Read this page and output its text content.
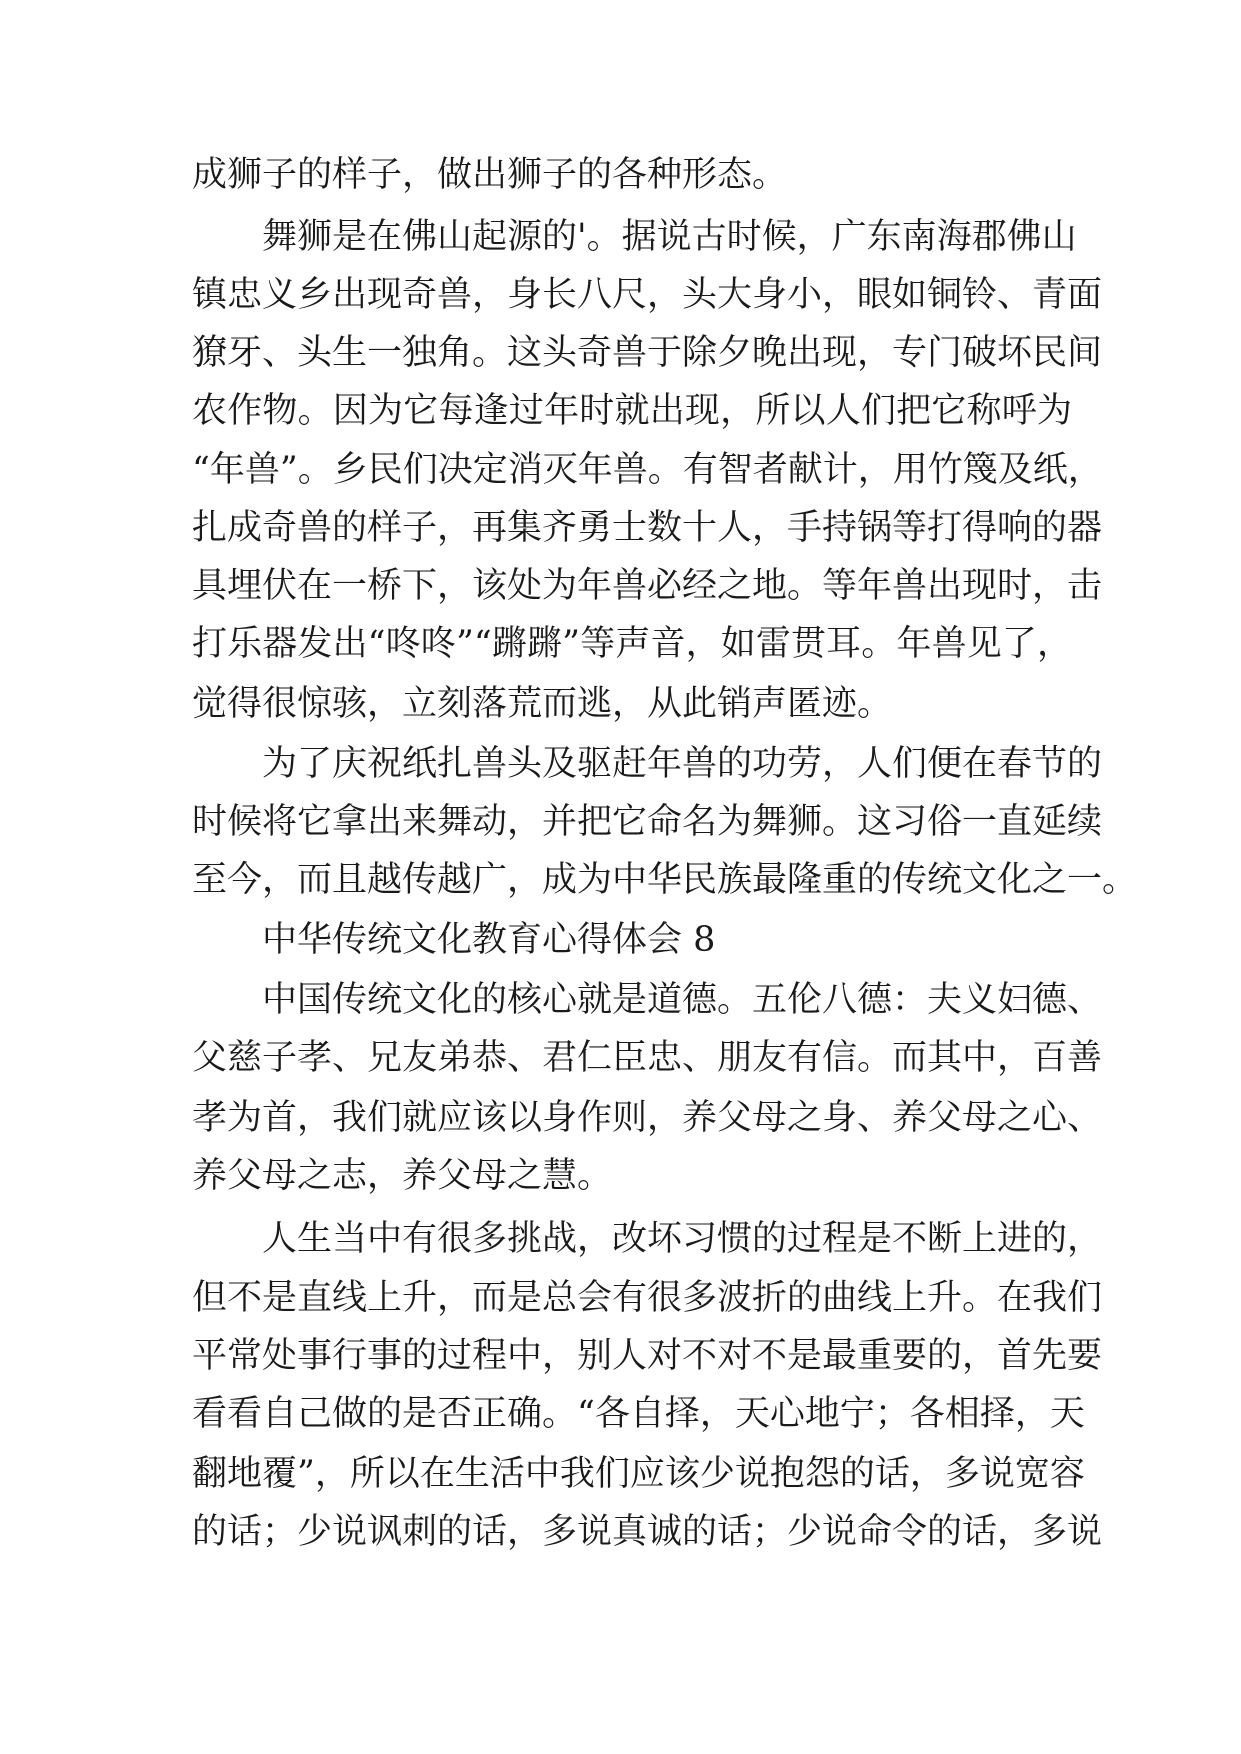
成狮子的样子，做出狮子的各种形态。
舞狮是在佛山起源的'。据说古时候，广东南海郡佛山
镇忠义乡出现奇兽，身长八尺，头大身小，眼如铜铃、青面
獠牙、头生一独角。这头奇兽于除夕晚出现，专门破坏民间
农作物。因为它每逢过年时就出现，所以人们把它称呼为
“年兽”。乡民们决定消灭年兽。有智者献计，用竹篾及纸，
扎成奇兽的样子，再集齐勇士数十人，手持锅等打得响的器
具埋伏在一桥下，该处为年兽必经之地。等年兽出现时，击
打乐器发出“咚咚”“蹡蹡”等声音，如雷贯耳。年兽见了，
觉得很惊骇，立刻落荒而逃，从此销声匿迹。
为了庆祝纸扎兽头及驱赶年兽的功劳，人们便在春节的
时候将它拿出来舞动，并把它命名为舞狮。这习俗一直延续
至今，而且越传越广，成为中华民族最隆重的传统文化之一。
中华传统文化教育心得体会 8
中国传统文化的核心就是道德。五伦八德：夫义妇德、
父慈子孝、兄友弟恭、君仁臣忠、朋友有信。而其中，百善
孝为首，我们就应该以身作则，养父母之身、养父母之心、
养父母之志，养父母之慧。
人生当中有很多挑战，改坏习惯的过程是不断上进的，
但不是直线上升，而是总会有很多波折的曲线上升。在我们
平常处事行事的过程中，别人对不对不是最重要的，首先要
看看自己做的是否正确。“各自择，天心地宁；各相择，天
翻地覆”，所以在生活中我们应该少说抱怨的话，多说宽容
的话；少说讽刺的话，多说真诚的话；少说命令的话，多说
